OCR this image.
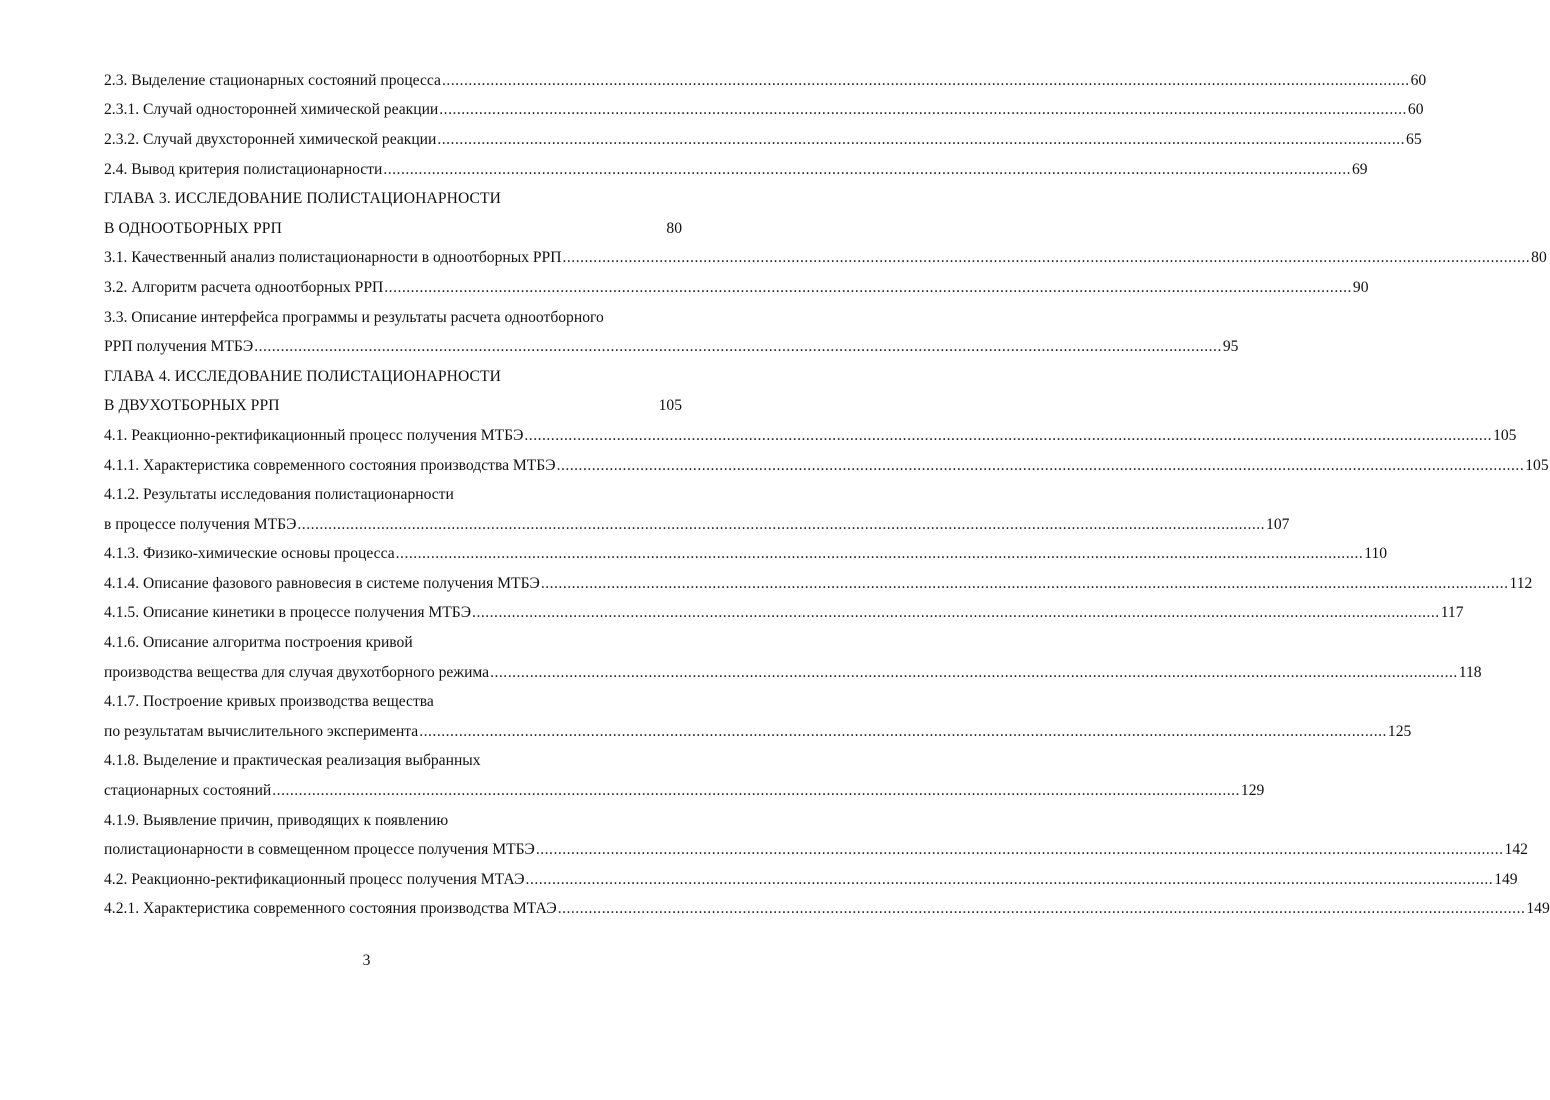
2.3. Выделение стационарных состояний процесса ............................................................................................................................................................................................................................ 60
2.3.1. Случай односторонней химической реакции ............................................................................................................................................................................................................................ 60
2.3.2. Случай двухсторонней химической реакции ............................................................................................................................................................................................................................ 65
2.4. Вывод критерия полистационарности ............................................................................................................................................................................................................................ 69
ГЛАВА 3. ИССЛЕДОВАНИЕ ПОЛИСТАЦИОНАРНОСТИ
В ОДНООТБОРНЫХ РРП	80
3.1. Качественный анализ полистационарности в одноотборных РРП ............................................................................................................................................................................................................................ 80
3.2. Алгоритм расчета одноотборных РРП ............................................................................................................................................................................................................................ 90
3.3. Описание интерфейса программы и результаты расчета одноотборного
РРП получения МТБЭ ............................................................................................................................................................................................................................ 95
ГЛАВА 4. ИССЛЕДОВАНИЕ ПОЛИСТАЦИОНАРНОСТИ
В ДВУХОТБОРНЫХ РРП	105
4.1. Реакционно-ректификационный процесс получения МТБЭ ............................................................................................................................................................................................................................ 105
4.1.1. Характеристика современного состояния производства МТБЭ ............................................................................................................................................................................................................................ 105
4.1.2. Результаты исследования полистационарности
в процессе получения МТБЭ ............................................................................................................................................................................................................................ 107
4.1.3. Физико-химические основы процесса ............................................................................................................................................................................................................................ 110
4.1.4. Описание фазового равновесия в системе получения МТБЭ ............................................................................................................................................................................................................................ 112
4.1.5. Описание кинетики в процессе получения МТБЭ ............................................................................................................................................................................................................................ 117
4.1.6. Описание алгоритма построения кривой
производства вещества для случая двухотборного режима ............................................................................................................................................................................................................................ 118
4.1.7. Построение кривых производства вещества
по результатам вычислительного эксперимента ............................................................................................................................................................................................................................ 125
4.1.8. Выделение и практическая реализация выбранных
стационарных состояний ............................................................................................................................................................................................................................ 129
4.1.9. Выявление причин, приводящих к появлению
полистационарности в совмещенном процессе получения МТБЭ ............................................................................................................................................................................................................................ 142
4.2. Реакционно-ректификационный процесс получения МТАЭ ............................................................................................................................................................................................................................ 149
4.2.1. Характеристика современного состояния производства МТАЭ ............................................................................................................................................................................................................................ 149
3
